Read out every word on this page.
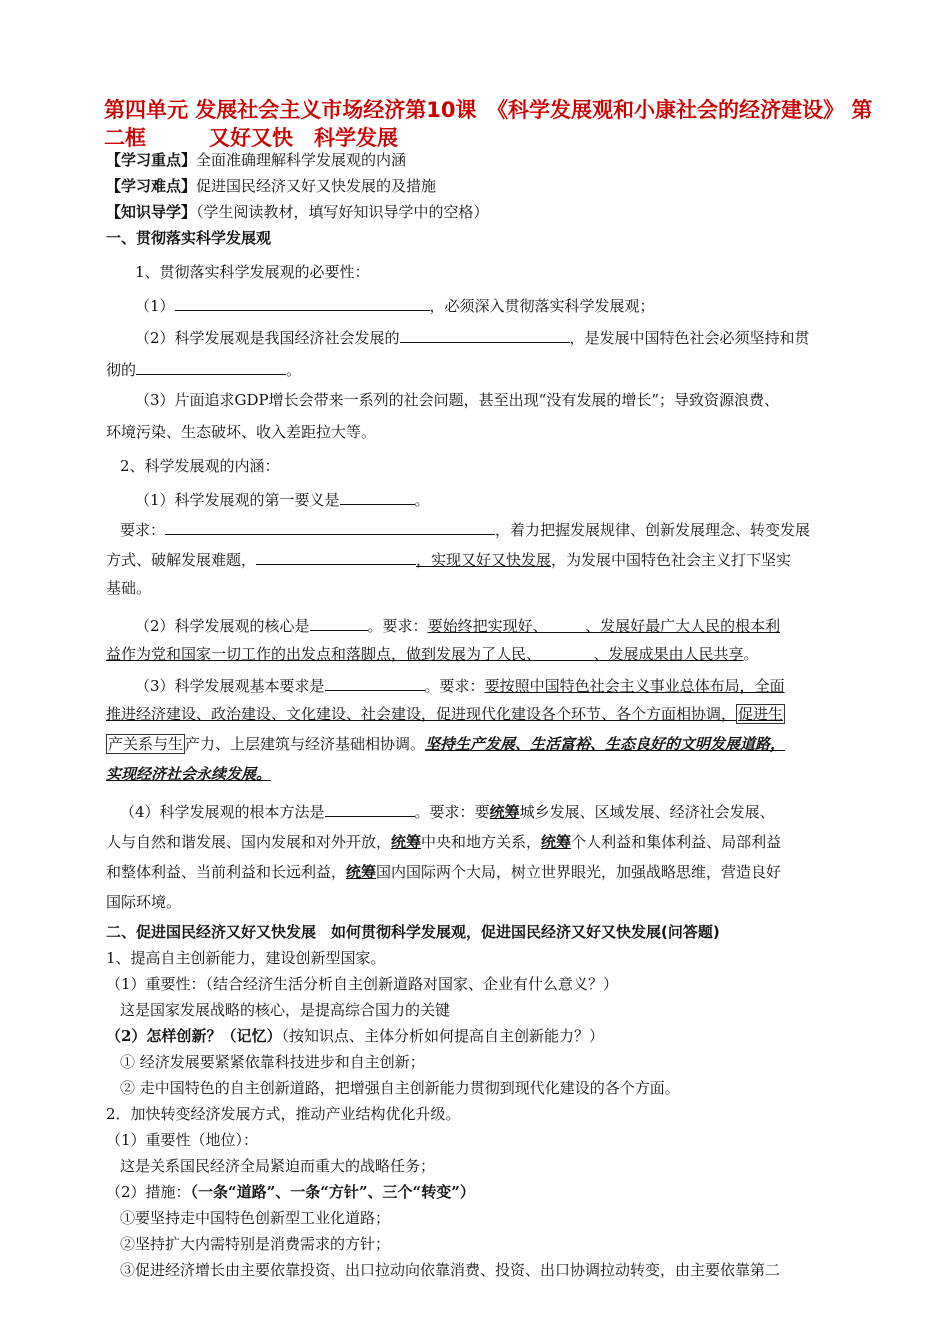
第四单元 发展社会主义市场经济第10课　《科学发展观和小康社会的经济建设》 第二框　　　又好又快　科学发展
【学习重点】全面准确理解科学发展观的内涵
【学习难点】促进国民经济又好又快发展的及措施
【知识导学】（学生阅读教材，填写好知识导学中的空格）
一、贯彻落实科学发展观
1、贯彻落实科学发展观的必要性：
（1）	，必须深入贯彻落实科学发展观；
（2）科学发展观是我国经济社会发展的	，是发展中国特色社会必须坚持和贯
彻的	。
（3）片面追求GDP增长会带来一系列的社会问题，甚至出现“没有发展的增长”；导致资源浪费、
环境污染、生态破坏、收入差距拉大等。
2、科学发展观的内涵：
（1）科学发展观的第一要义是	。
要求：	，着力把握发展规律、创新发展理念、转变发展
方式、破解发展难题，	，实现又好又快发展，为发展中国特色社会主义打下坚实
基础。
（2）科学发展观的核心是	。要求：要始终把实现好、　　　、发展好最广大人民的根本利
益作为党和国家一切工作的出发点和落脚点，做到发展为了人民、　　　　、发展成果由人民共享。
（3）科学发展观基本要求是	。要求：要按照中国特色社会主义事业总体布局，全面
推进经济建设、政治建设、文化建设、社会建设，促进现代化建设各个环节、各个方面相协调， 促进生
产关系与生 产力、上层建筑与经济基础相协调。坚持生产发展、生活富裕、生态良好的文明发展道路，
实现经济社会永续发展。
（4）科学发展观的根本方法是	。要求：要统筹城乡发展、区域发展、经济社会发展、
人与自然和谐发展、国内发展和对外开放，统筹中央和地方关系，统筹个人利益和集体利益、局部利益
和整体利益、当前利益和长远利益，统筹国内国际两个大局，树立世界眼光，加强战略思维，营造良好
国际环境。
二、促进国民经济又好又快发展　如何贯彻科学发展观，促进国民经济又好又快发展(问答题)
1、提高自主创新能力，建设创新型国家。
（1）重要性：（结合经济生活分析自主创新道路对国家、企业有什么意义？）
这是国家发展战略的核心，是提高综合国力的关键
（2）怎样创新？（记忆）（按知识点、主体分析如何提高自主创新能力？）
① 经济发展要紧紧依靠科技进步和自主创新；
② 走中国特色的自主创新道路，把增强自主创新能力贯彻到现代化建设的各个方面。
2．加快转变经济发展方式，推动产业结构优化升级。
（1）重要性（地位）：
这是关系国民经济全局紧迫而重大的战略任务；
（2）措施：（一条“道路”、一条“方针”、三个“转变”）
①要坚持走中国特色创新型工业化道路；
②坚持扩大内需特别是消费需求的方针；
③促进经济增长由主要依靠投资、出口拉动向依靠消费、投资、出口协调拉动转变，由主要依靠第二
